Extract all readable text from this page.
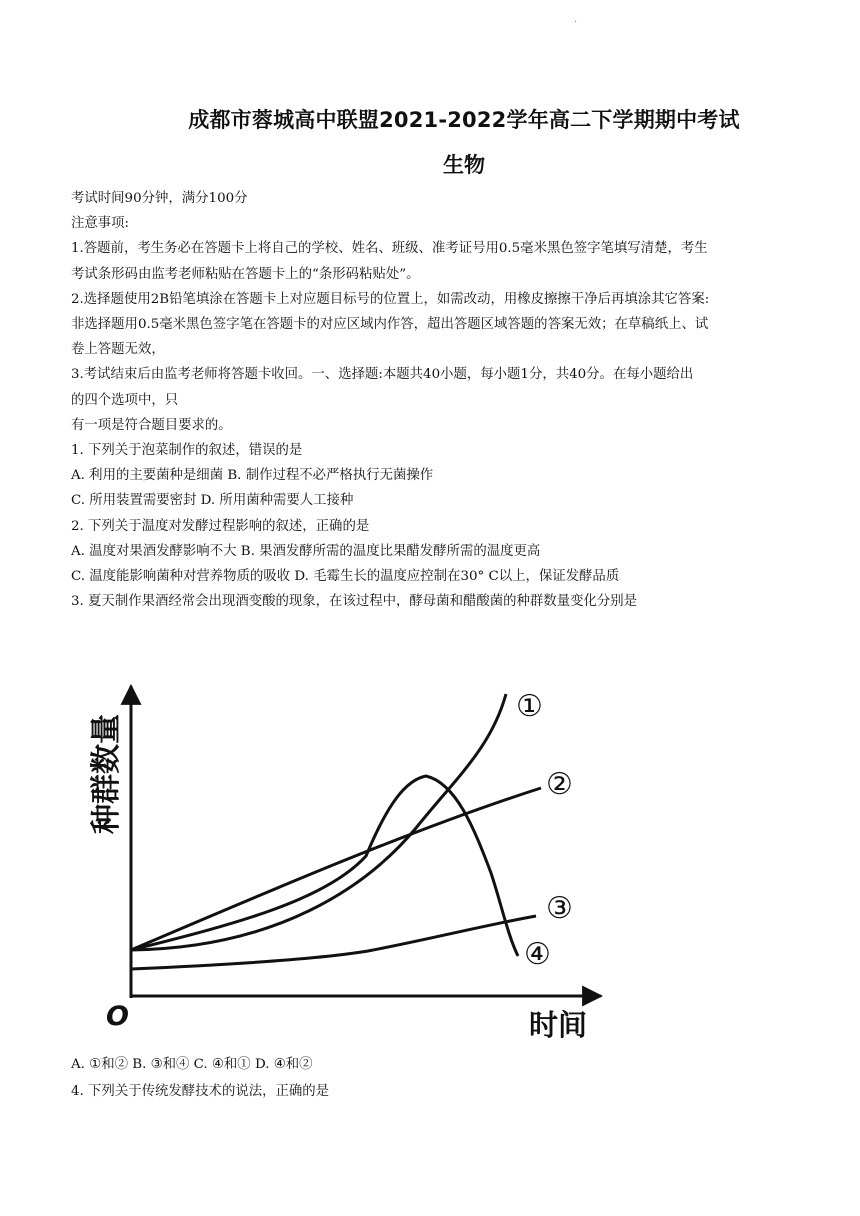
.
成都市蓉城高中联盟2021-2022学年高二下学期期中考试
生物

考试时间90分钟，满分100分

注意事项:

1.答题前，考生务必在答题卡上将自己的学校、姓名、班级、准考证号用0.5毫米黑色签字笔填写清楚，考生

考试条形码由监考老师粘贴在答题卡上的“条形码粘贴处”。

2.选择题使用2B铅笔填涂在答题卡上对应题目标号的位置上，如需改动，用橡皮擦擦干净后再填涂其它答案:

非选择题用0.5毫米黑色签字笔在答题卡的对应区域内作答，超出答题区域答题的答案无效；在草稿纸上、试

卷上答题无效，

3.考试结束后由监考老师将答题卡收回。一、选择题:本题共40小题，每小题1分，共40分。在每小题给出

的四个选项中，只

有一项是符合题目要求的。

1. 下列关于泡菜制作的叙述，错误的是

A. 利用的主要菌种是细菌 B. 制作过程不必严格执行无菌操作

C. 所用装置需要密封 D. 所用菌种需要人工接种

2. 下列关于温度对发酵过程影响的叙述，正确的是

A. 温度对果酒发酵影响不大 B. 果酒发酵所需的温度比果醋发酵所需的温度更高

C. 温度能影响菌种对营养物质的吸收 D. 毛霉生长的温度应控制在30° C以上，保证发酵品质

3. 夏天制作果酒经常会出现酒变酸的现象，在该过程中，酵母菌和醋酸菌的种群数量变化分别是

种群数量
时间
O
①
②
③
④

A. ①和② B. ③和④ C. ④和① D. ④和②

4. 下列关于传统发酵技术的说法，正确的是
